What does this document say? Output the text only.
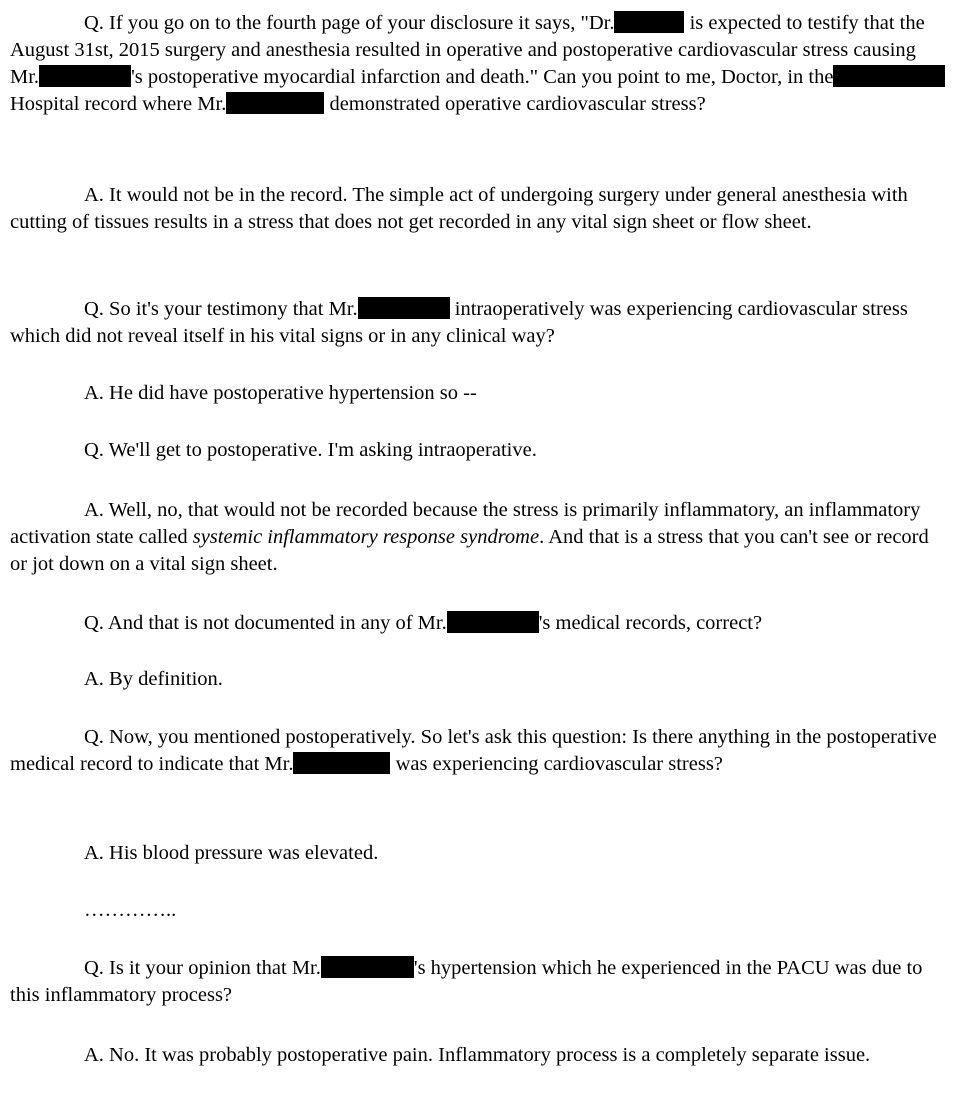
Q. If you go on to the fourth page of your disclosure it says, "Dr.	is expected to testify that the August 31st, 2015 surgery and anesthesia resulted in operative and postoperative cardiovascular stress causing Mr.	's postoperative myocardial infarction and death." Can you point to me, Doctor, in the Hospital record where Mr.	demonstrated operative cardiovascular stress?

A. It would not be in the record. The simple act of undergoing surgery under general anesthesia with cutting of tissues results in a stress that does not get recorded in any vital sign sheet or flow sheet.

Q. So it's your testimony that Mr.	intraoperatively was experiencing cardiovascular stress which did not reveal itself in his vital signs or in any clinical way?

A. He did have postoperative hypertension so --

Q. We'll get to postoperative. I'm asking intraoperative.

A. Well, no, that would not be recorded because the stress is primarily inflammatory, an inflammatory activation state called systemic inflammatory response syndrome. And that is a stress that you can't see or record or jot down on a vital sign sheet.

Q. And that is not documented in any of Mr.	's medical records, correct?

A. By definition.

Q. Now, you mentioned postoperatively. So let's ask this question: Is there anything in the postoperative medical record to indicate that Mr.	was experiencing cardiovascular stress?

A. His blood pressure was elevated.

…………..

Q. Is it your opinion that Mr.	's hypertension which he experienced in the PACU was due to this inflammatory process?

A. No. It was probably postoperative pain. Inflammatory process is a completely separate issue.
